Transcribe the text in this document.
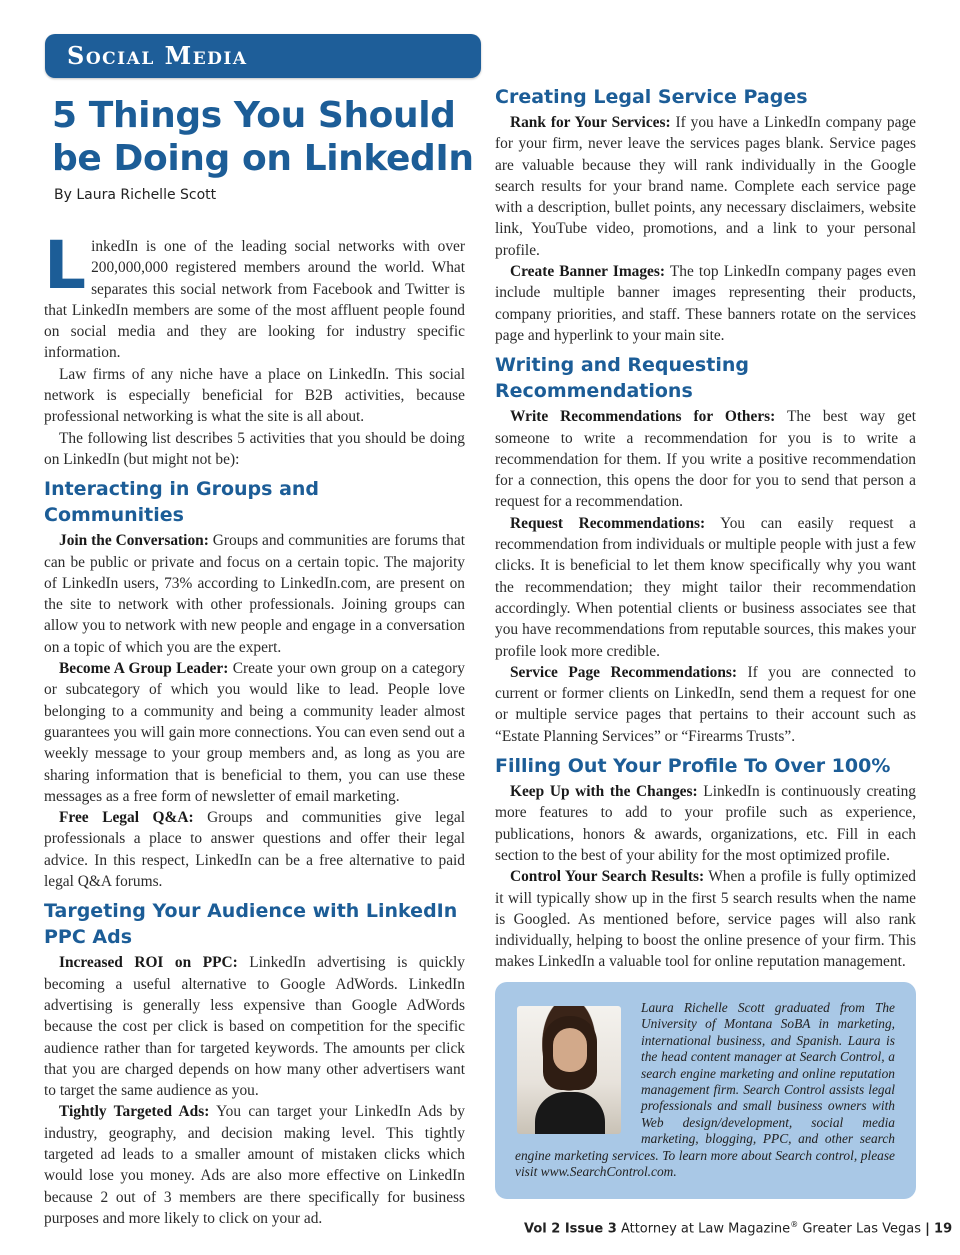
Social Media
5 Things You Should be Doing on LinkedIn
By Laura Richelle Scott

LinkedIn is one of the leading social networks with over 200,000,000 registered members around the world. What separates this social network from Facebook and Twitter is that LinkedIn members are some of the most affluent people found on social media and they are looking for industry specific information.

Law firms of any niche have a place on LinkedIn. This social network is especially beneficial for B2B activities, because professional networking is what the site is all about.

The following list describes 5 activities that you should be doing on LinkedIn (but might not be):

Interacting in Groups and Communities

Join the Conversation: Groups and communities are forums that can be public or private and focus on a certain topic. The majority of LinkedIn users, 73% according to LinkedIn.com, are present on the site to network with other professionals. Joining groups can allow you to network with new people and engage in a conversation on a topic of which you are the expert.

Become A Group Leader: Create your own group on a category or subcategory of which you would like to lead. People love belonging to a community and being a community leader almost guarantees you will gain more connections. You can even send out a weekly message to your group members and, as long as you are sharing information that is beneficial to them, you can use these messages as a free form of newsletter of email marketing.

Free Legal Q&A: Groups and communities give legal professionals a place to answer questions and offer their legal advice. In this respect, LinkedIn can be a free alternative to paid legal Q&A forums.

Targeting Your Audience with LinkedIn PPC Ads

Increased ROI on PPC: LinkedIn advertising is quickly becoming a useful alternative to Google AdWords. LinkedIn advertising is generally less expensive than Google AdWords because the cost per click is based on competition for the specific audience rather than for targeted keywords. The amounts per click that you are charged depends on how many other advertisers want to target the same audience as you.

Tightly Targeted Ads: You can target your LinkedIn Ads by industry, geography, and decision making level. This tightly targeted ad leads to a smaller amount of mistaken clicks which would lose you money. Ads are also more effective on LinkedIn because 2 out of 3 members are there specifically for business purposes and more likely to click on your ad.

Creating Legal Service Pages

Rank for Your Services: If you have a LinkedIn company page for your firm, never leave the services pages blank. Service pages are valuable because they will rank individually in the Google search results for your brand name. Complete each service page with a description, bullet points, any necessary disclaimers, website link, YouTube video, promotions, and a link to your personal profile.

Create Banner Images: The top LinkedIn company pages even include multiple banner images representing their products, company priorities, and staff. These banners rotate on the services page and hyperlink to your main site.

Writing and Requesting Recommendations

Write Recommendations for Others: The best way get someone to write a recommendation for you is to write a recommendation for them. If you write a positive recommendation for a connection, this opens the door for you to send that person a request for a recommendation.

Request Recommendations: You can easily request a recommendation from individuals or multiple people with just a few clicks. It is beneficial to let them know specifically why you want the recommendation; they might tailor their recommendation accordingly. When potential clients or business associates see that you have recommendations from reputable sources, this makes your profile look more credible.

Service Page Recommendations: If you are connected to current or former clients on LinkedIn, send them a request for one or multiple service pages that pertains to their account such as “Estate Planning Services” or “Firearms Trusts”.

Filling Out Your Profile To Over 100%

Keep Up with the Changes: LinkedIn is continuously creating more features to add to your profile such as experience, publications, honors & awards, organizations, etc. Fill in each section to the best of your ability for the most optimized profile.

Control Your Search Results: When a profile is fully optimized it will typically show up in the first 5 search results when the name is Googled. As mentioned before, service pages will also rank individually, helping to boost the online presence of your firm. This makes LinkedIn a valuable tool for online reputation management.

Laura Richelle Scott graduated from The University of Montana SoBA in marketing, international business, and Spanish. Laura is the head content manager at Search Control, a search engine marketing and online reputation management firm. Search Control assists legal professionals and small business owners with Web design/development, social media marketing, blogging, PPC, and other search engine marketing services. To learn more about Search control, please visit www.SearchControl.com.
Vol 2 Issue 3 Attorney at Law Magazine® Greater Las Vegas | 19
